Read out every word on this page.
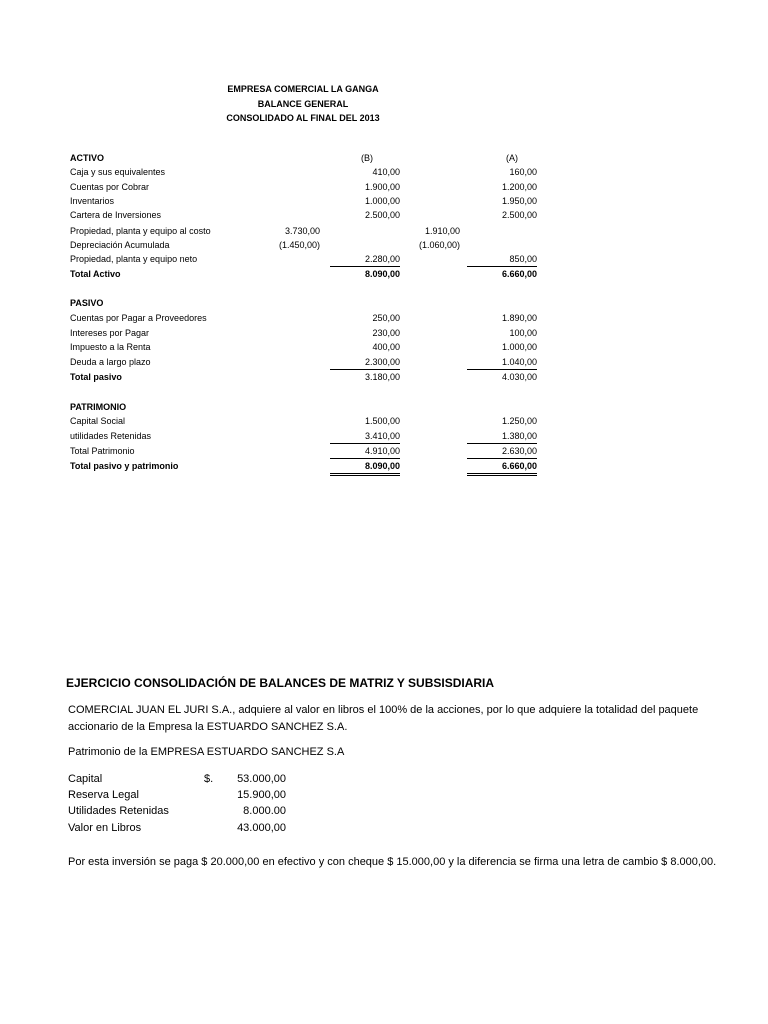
EMPRESA COMERCIAL LA GANGA
BALANCE GENERAL
CONSOLIDADO AL FINAL DEL 2013
ACTIVO	(B)	(A)
Caja y sus equivalentes	410,00	160,00
Cuentas por Cobrar	1.900,00	1.200,00
Inventarios	1.000,00	1.950,00
Cartera de Inversiones	2.500,00	2.500,00
Propiedad, planta y equipo al costo	3.730,00	1.910,00
Depreciación Acumulada	(1.450,00)	(1.060,00)
Propiedad, planta y equipo neto	2.280,00	850,00
Total Activo	8.090,00	6.660,00
PASIVO
Cuentas por Pagar a Proveedores	250,00	1.890,00
Intereses por Pagar	230,00	100,00
Impuesto a la Renta	400,00	1.000,00
Deuda a largo plazo	2.300,00	1.040,00
Total pasivo	3.180,00	4.030,00
PATRIMONIO
Capital Social	1.500,00	1.250,00
utilidades Retenidas	3.410,00	1.380,00
Total Patrimonio	4.910,00	2.630,00
Total pasivo y patrimonio	8.090,00	6.660,00
EJERCICIO CONSOLIDACIÓN DE BALANCES DE MATRIZ Y SUBSISDIARIA
COMERCIAL JUAN EL JURI S.A., adquiere al valor en libros el 100% de la acciones, por lo que adquiere la totalidad del paquete
accionario de la Empresa la ESTUARDO SANCHEZ S.A.
Patrimonio de la EMPRESA ESTUARDO SANCHEZ S.A
Capital	$.	53.000,00
Reserva Legal	15.900,00
Utilidades Retenidas	8.000.00
Valor en Libros	43.000,00
Por esta inversión se paga $ 20.000,00 en efectivo y con cheque $ 15.000,00 y la diferencia se firma una letra de cambio $ 8.000,00.
